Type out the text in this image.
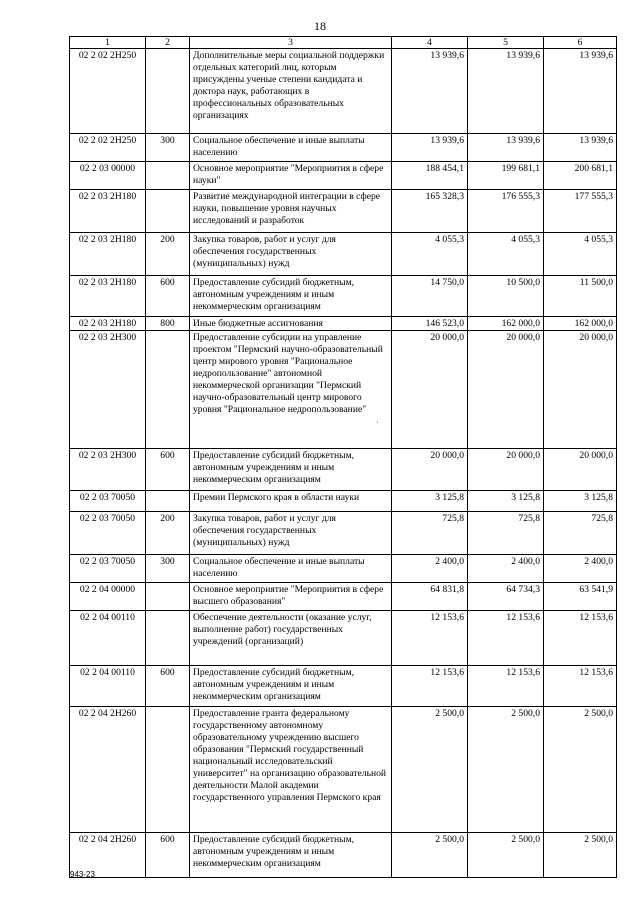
18
1	2	3	4	5	6
02 2 02 2Н250		Дополнительные меры социальной поддержки отдельных категорий лиц, которым присуждены ученые степени кандидата и доктора наук, работающих в профессиональных образовательных организациях	13 939,6	13 939,6	13 939,6
02 2 02 2Н250	300	Социальное обеспечение и иные выплаты населению	13 939,6	13 939,6	13 939,6
02 2 03 00000		Основное мероприятие "Мероприятия в сфере науки"	188 454,1	199 681,1	200 681,1
02 2 03 2Н180		Развитие международной интеграции в сфере науки, повышение уровня научных исследований и разработок	165 328,3	176 555,3	177 555,3
02 2 03 2Н180	200	Закупка товаров, работ и услуг для обеспечения государственных (муниципальных) нужд	4 055,3	4 055,3	4 055,3
02 2 03 2Н180	600	Предоставление субсидий бюджетным, автономным учреждениям и иным некоммерческим организациям	14 750,0	10 500,0	11 500,0
02 2 03 2Н180	800	Иные бюджетные ассигнования	146 523,0	162 000,0	162 000,0
02 2 03 2Н300		Предоставление субсидии на управление проектом "Пермский научно-образовательный центр мирового уровня "Рациональное недропользование" автономной некоммерческой организации "Пермский научно-образовательный центр мирового уровня "Рациональное недропользование"	20 000,0	20 000,0	20 000,0
02 2 03 2Н300	600	Предоставление субсидий бюджетным, автономным учреждениям и иным некоммерческим организациям	20 000,0	20 000,0	20 000,0
02 2 03 70050		Премии Пермского края в области науки	3 125,8	3 125,8	3 125,8
02 2 03 70050	200	Закупка товаров, работ и услуг для обеспечения государственных (муниципальных) нужд	725,8	725,8	725,8
02 2 03 70050	300	Социальное обеспечение и иные выплаты населению	2 400,0	2 400,0	2 400,0
02 2 04 00000		Основное мероприятие "Мероприятия в сфере высшего образования"	64 831,8	64 734,3	63 541,9
02 2 04 00110		Обеспечение деятельности (оказание услуг, выполнение работ) государственных учреждений (организаций)	12 153,6	12 153,6	12 153,6
02 2 04 00110	600	Предоставление субсидий бюджетным, автономным учреждениям и иным некоммерческим организациям	12 153,6	12 153,6	12 153,6
02 2 04 2Н260		Предоставление гранта федеральному государственному автономному образовательному учреждению высшего образования "Пермский государственный национальный исследовательский университет" на организацию образовательной деятельности Малой академии государственного управления Пермского края	2 500,0	2 500,0	2 500,0
02 2 04 2Н260	600	Предоставление субсидий бюджетным, автономным учреждениям и иным некоммерческим организациям	2 500,0	2 500,0	2 500,0
·
943-23
